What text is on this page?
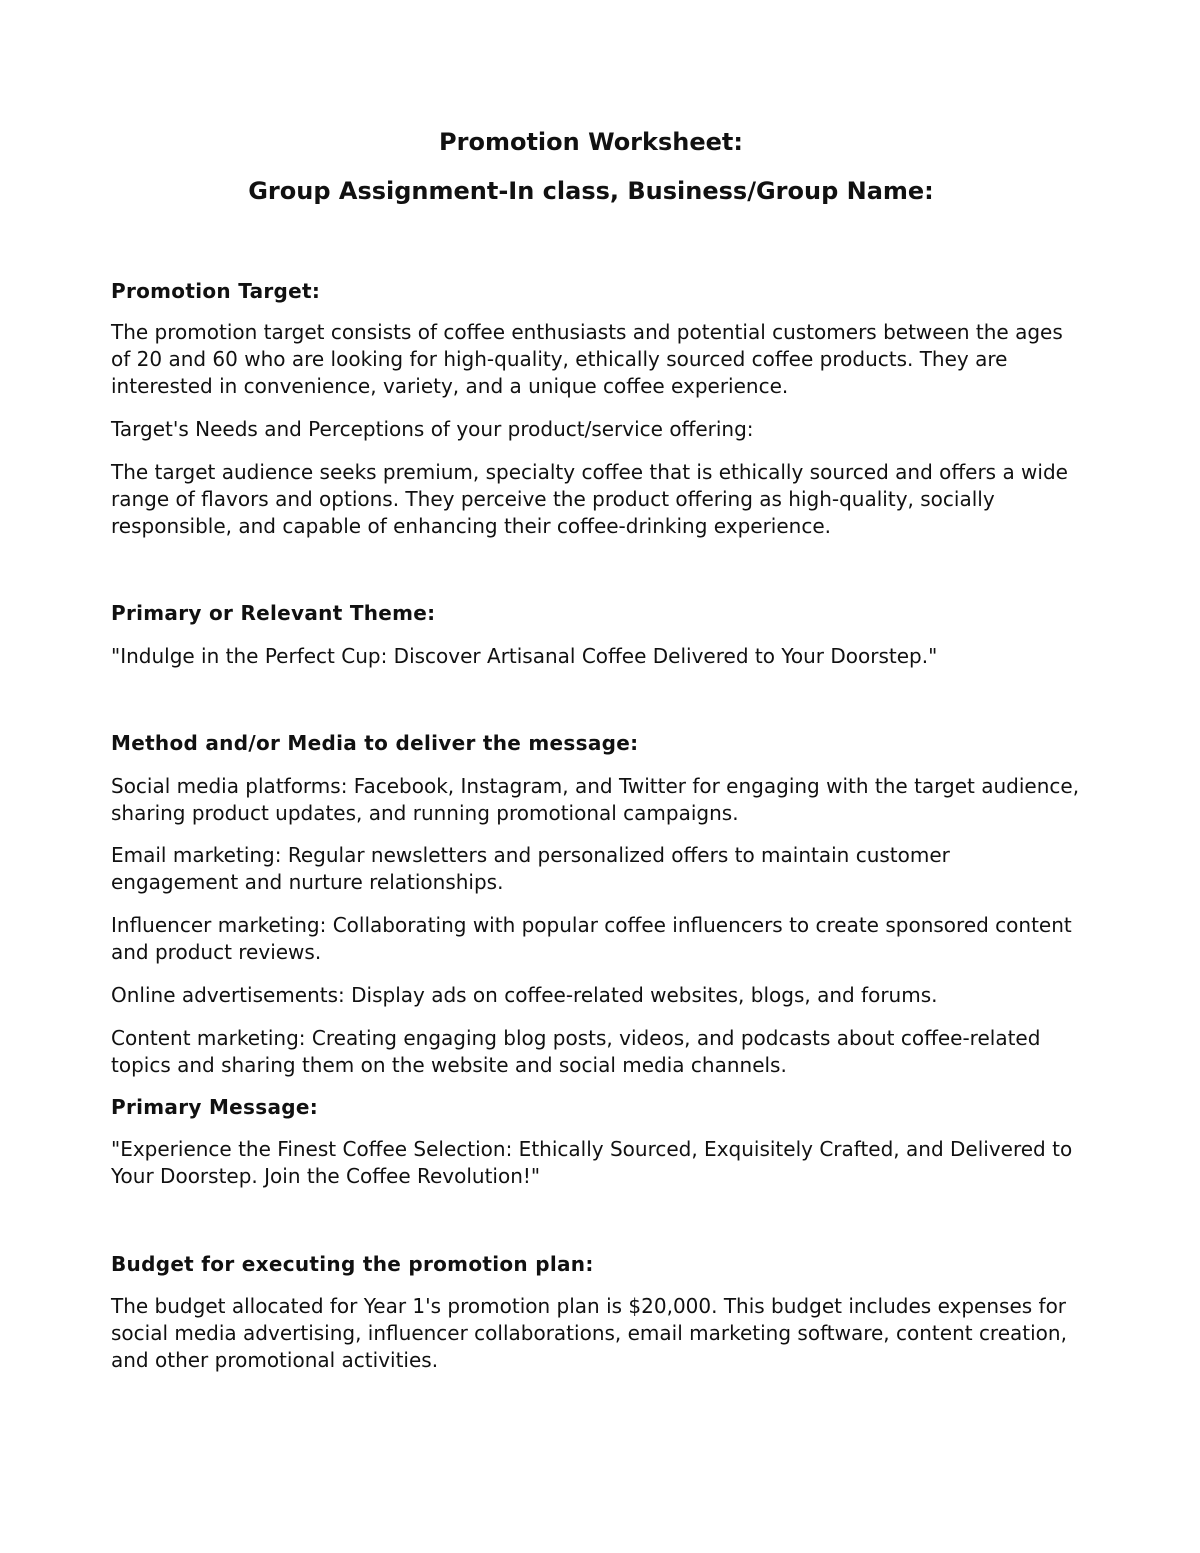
Promotion Worksheet:
Group Assignment-In class, Business/Group Name:
Promotion Target:

The promotion target consists of coffee enthusiasts and potential customers between the ages of 20 and 60 who are looking for high-quality, ethically sourced coffee products. They are interested in convenience, variety, and a unique coffee experience.

Target's Needs and Perceptions of your product/service offering:

The target audience seeks premium, specialty coffee that is ethically sourced and offers a wide range of flavors and options. They perceive the product offering as high-quality, socially responsible, and capable of enhancing their coffee-drinking experience.

Primary or Relevant Theme:

"Indulge in the Perfect Cup: Discover Artisanal Coffee Delivered to Your Doorstep."

Method and/or Media to deliver the message:

Social media platforms: Facebook, Instagram, and Twitter for engaging with the target audience, sharing product updates, and running promotional campaigns.

Email marketing: Regular newsletters and personalized offers to maintain customer engagement and nurture relationships.

Influencer marketing: Collaborating with popular coffee influencers to create sponsored content and product reviews.

Online advertisements: Display ads on coffee-related websites, blogs, and forums.

Content marketing: Creating engaging blog posts, videos, and podcasts about coffee-related topics and sharing them on the website and social media channels.

Primary Message:

"Experience the Finest Coffee Selection: Ethically Sourced, Exquisitely Crafted, and Delivered to Your Doorstep. Join the Coffee Revolution!"

Budget for executing the promotion plan:

The budget allocated for Year 1's promotion plan is $20,000. This budget includes expenses for social media advertising, influencer collaborations, email marketing software, content creation, and other promotional activities.
